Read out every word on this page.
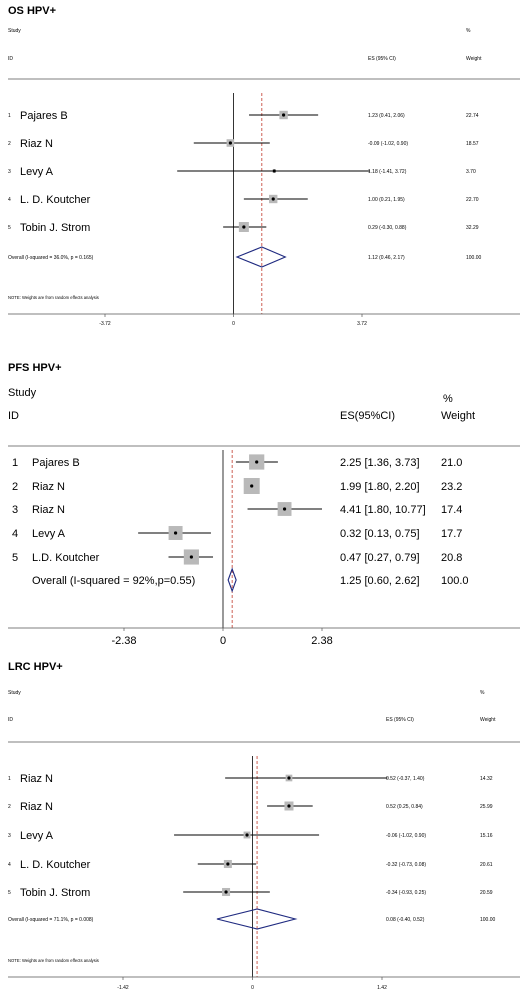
OS HPV+
Study
ID	ES (95% CI)
%
Weight
1 Pajares B	1.23 (0.41, 2.06)	22.74
2 Riaz N	-0.09 (-1.02, 0.90)	18.57
3 Levy A	1.18 (-1.41, 3.72)	3.70
4 L. D. Koutcher	1.00 (0.21, 1.95)	22.70
5 Tobin J. Strom	0.29 (-0.30, 0.88)	32.29
Overall (I-squared = 36.0%, p = 0.165)	1.12 (0.46, 2.17)	100.00
NOTE: Weights are from random effects analysis
-3.72	0	3.72
PFS HPV+
Study
ID	ES(95%CI)
%
Weight
1 Pajares B	2.25 [1.36, 3.73] 21.0
2 Riaz N	1.99 [1.80, 2.20] 23.2
3 Riaz N	4.41 [1.80, 10.77] 17.4
4 Levy A	0.32 [0.13, 0.75] 17.7
5 L.D. Koutcher	0.47 [0.27, 0.79] 20.8
Overall (I-squared = 92%,p=0.55)	1.25 [0.60, 2.62] 100.0
-2.38	0	2.38
LRC HPV+
Study
ID	ES (95% CI)
%
Weight
1 Riaz N	0.52 (-0.37, 1.40)	14.32
2 Riaz N	0.52 (0.25, 0.84)	25.99
3 Levy A	-0.06 (-1.02, 0.90)	15.16
4 L. D. Koutcher	-0.32 (-0.73, 0.08)	20.61
5 Tobin J. Strom	-0.34 (-0.93, 0.25)	20.59
Overall (I-squared = 71.1%, p = 0.008)	0.08 (-0.40, 0.52)	100.00
NOTE: Weights are from random effects analysis
-1.42	0	1.42
